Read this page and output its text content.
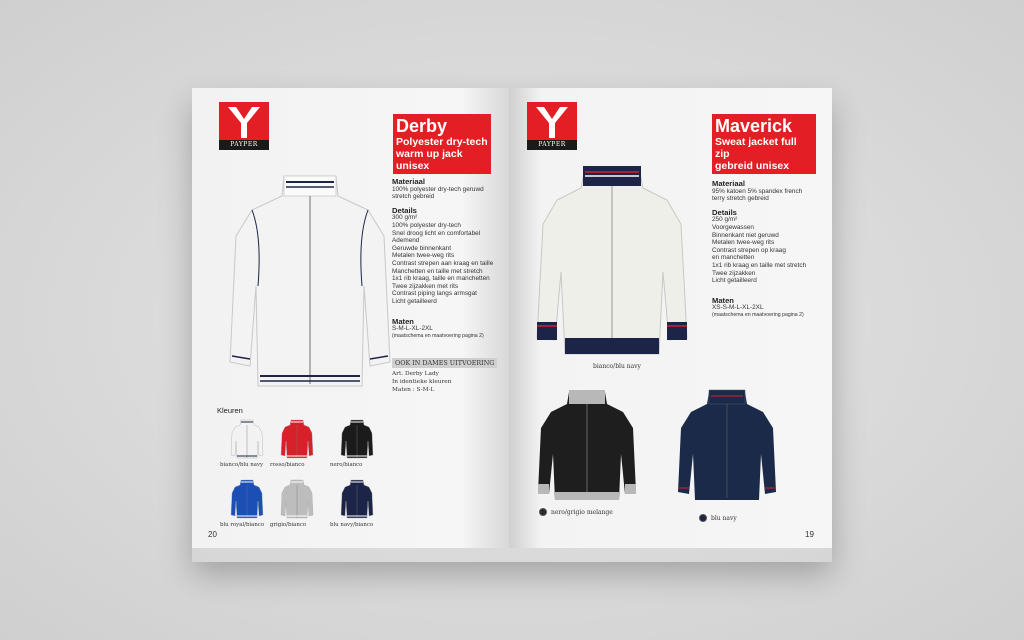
PAYPER
Derby
Polyester dry-tech
warm up jack unisex
Materiaal
100% polyester dry-tech geruwd
stretch gebreid
Details
300 g/m²
100% polyester dry-tech
Snel droog licht en comfortabel
Ademend
Geruwde binnenkant
Metalen twee-weg rits
Contrast strepen aan kraag en taille
Manchetten en taille met stretch
1x1 rib kraag, taille en manchetten
Twee zijzakken met rits
Contrast piping langs armsgat
Licht getailleerd
Maten
S-M-L-XL-2XL
(maatschema en maatvoering pagina 2)
OOK IN DAMES UITVOERING
Art. Derby Lady
In identieke kleuren
Maten : S-M-L
Kleuren
bianco/blu navy rosso/bianco	nero/bianco
blu royal/bianco grigio/bianco	blu navy/bianco
20
PAYPER
Maverick
Sweat jacket full zip
gebreid unisex
bianco/blu navy
Materiaal
95% katoen 5% spandex french
terry stretch gebreid
Details
250 g/m²
Voorgewassen
Binnenkant niet geruwd
Metalen twee-weg rits
Contrast strepen op kraag
en manchetten
1x1 rib kraag en taille met stretch
Twee zijzakken
Licht getailleerd
Maten
XS-S-M-L-XL-2XL
(maatschema en maatvoering pagina 2)
nero/grigio melange
blu navy
19
